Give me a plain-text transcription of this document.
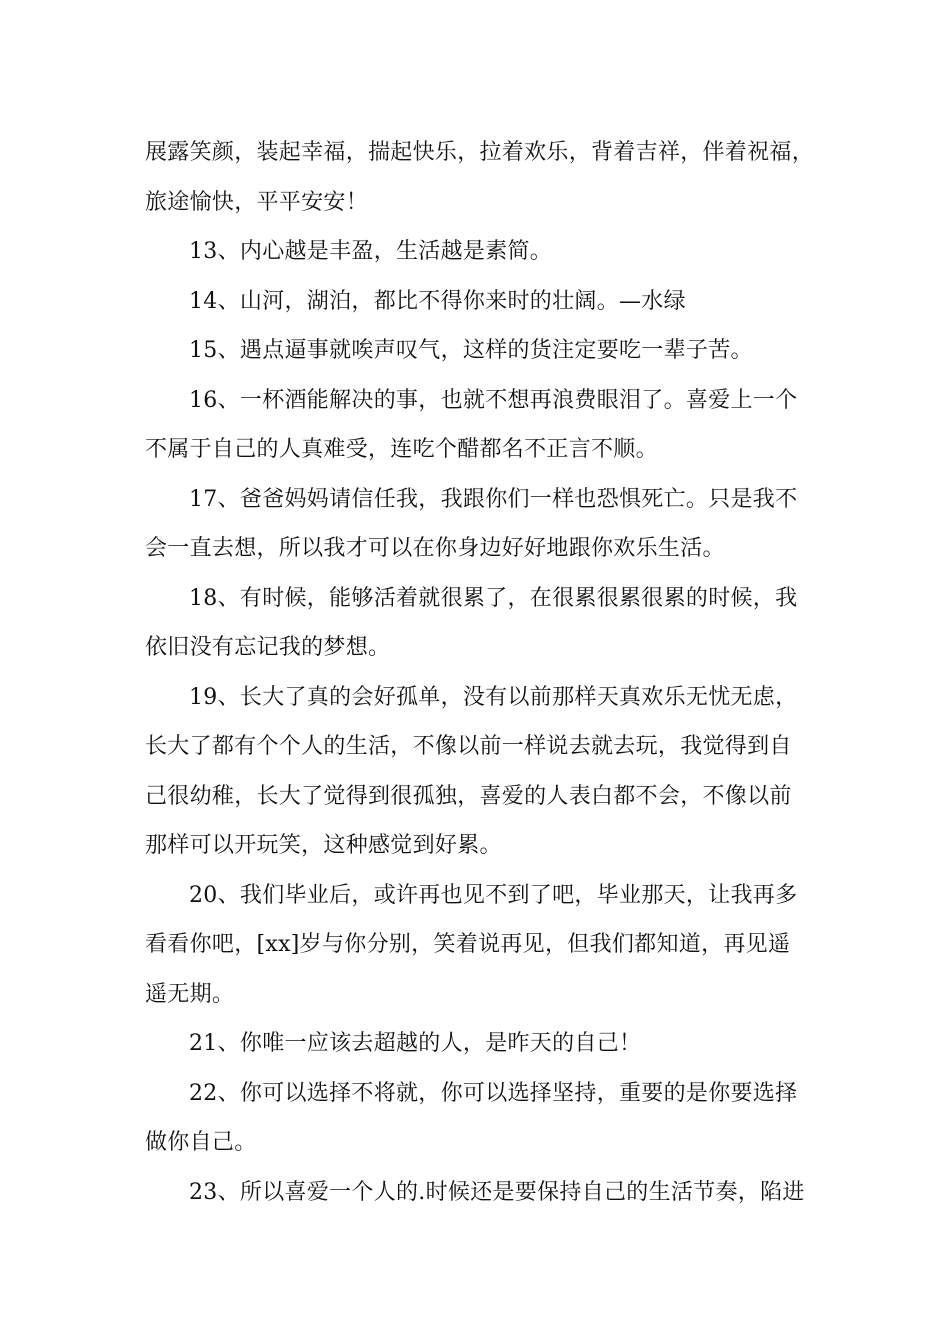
展露笑颜，装起幸福，揣起快乐，拉着欢乐，背着吉祥，伴着祝福，
旅途愉快，平平安安！

13、内心越是丰盈，生活越是素简。

14、山河，湖泊，都比不得你来时的壮阔。—水绿

15、遇点逼事就唉声叹气，这样的货注定要吃一辈子苦。

16、一杯酒能解决的事，也就不想再浪费眼泪了。喜爱上一个
不属于自己的人真难受，连吃个醋都名不正言不顺。

17、爸爸妈妈请信任我，我跟你们一样也恐惧死亡。只是我不
会一直去想，所以我才可以在你身边好好地跟你欢乐生活。

18、有时候，能够活着就很累了，在很累很累很累的时候，我
依旧没有忘记我的梦想。

19、长大了真的会好孤单，没有以前那样天真欢乐无忧无虑，
长大了都有个个人的生活，不像以前一样说去就去玩，我觉得到自
己很幼稚，长大了觉得到很孤独，喜爱的人表白都不会，不像以前
那样可以开玩笑，这种感觉到好累。

20、我们毕业后，或许再也见不到了吧，毕业那天，让我再多
看看你吧，[xx]岁与你分别，笑着说再见，但我们都知道，再见遥
遥无期。

21、你唯一应该去超越的人，是昨天的自己！

22、你可以选择不将就，你可以选择坚持，重要的是你要选择
做你自己。

23、所以喜爱一个人的.时候还是要保持自己的生活节奏，陷进
